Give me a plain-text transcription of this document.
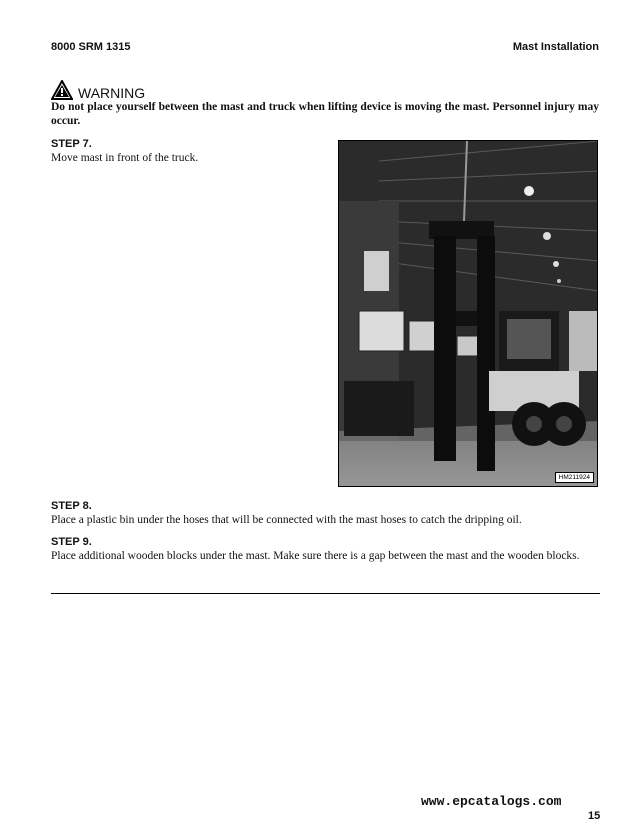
8000 SRM 1315	Mast Installation
WARNING
Do not place yourself between the mast and truck when lifting device is moving the mast. Personnel injury may occur.
STEP 7.
Move mast in front of the truck.
HM211924
STEP 8.
Place a plastic bin under the hoses that will be connected with the mast hoses to catch the dripping oil.
STEP 9.
Place additional wooden blocks under the mast. Make sure there is a gap between the mast and the wooden blocks.
www.epcatalogs.com
15
